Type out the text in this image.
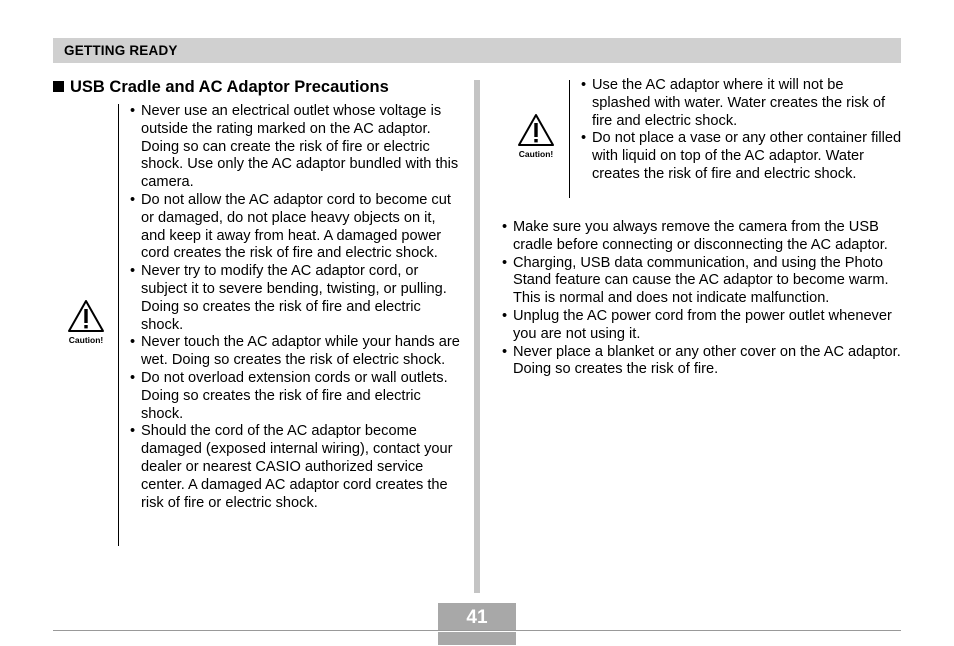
GETTING READY
USB Cradle and AC Adaptor Precautions
Caution!
• Never use an electrical outlet whose voltage is outside the rating marked on the AC adaptor. Doing so can create the risk of fire or electric shock. Use only the AC adaptor bundled with this camera.
• Do not allow the AC adaptor cord to become cut or damaged, do not place heavy objects on it, and keep it away from heat. A damaged power cord creates the risk of fire and electric shock.
• Never try to modify the AC adaptor cord, or subject it to severe bending, twisting, or pulling. Doing so creates the risk of fire and electric shock.
• Never touch the AC adaptor while your hands are wet. Doing so creates the risk of electric shock.
• Do not overload extension cords or wall outlets. Doing so creates the risk of fire and electric shock.
• Should the cord of the AC adaptor become damaged (exposed internal wiring), contact your dealer or nearest CASIO authorized service center. A damaged AC adaptor cord creates the risk of fire or electric shock.
Caution!
• Use the AC adaptor where it will not be splashed with water. Water creates the risk of fire and electric shock.
• Do not place a vase or any other container filled with liquid on top of the AC adaptor. Water creates the risk of fire and electric shock.
• Make sure you always remove the camera from the USB cradle before connecting or disconnecting the AC adaptor.
• Charging, USB data communication, and using the Photo Stand feature can cause the AC adaptor to become warm. This is normal and does not indicate malfunction.
• Unplug the AC power cord from the power outlet whenever you are not using it.
• Never place a blanket or any other cover on the AC adaptor. Doing so creates the risk of fire.
41
